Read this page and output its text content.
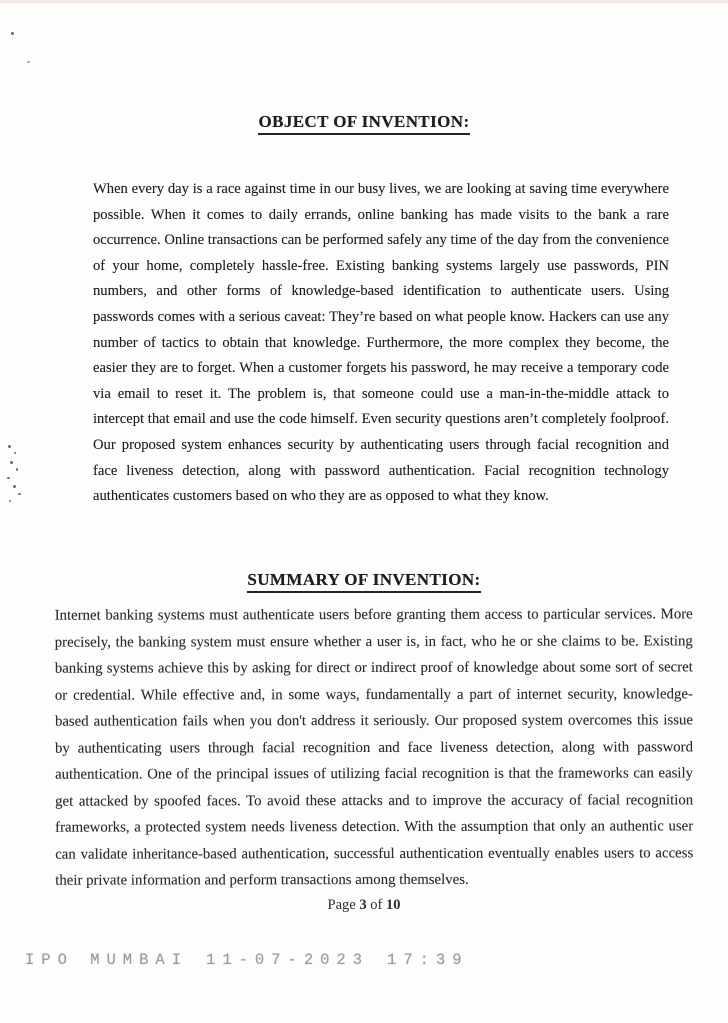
OBJECT OF INVENTION:
When every day is a race against time in our busy lives, we are looking at saving time everywhere possible. When it comes to daily errands, online banking has made visits to the bank a rare occurrence. Online transactions can be performed safely any time of the day from the convenience of your home, completely hassle-free. Existing banking systems largely use passwords, PIN numbers, and other forms of knowledge-based identification to authenticate users. Using passwords comes with a serious caveat: They’re based on what people know. Hackers can use any number of tactics to obtain that knowledge. Furthermore, the more complex they become, the easier they are to forget. When a customer forgets his password, he may receive a temporary code via email to reset it. The problem is, that someone could use a man-in-the-middle attack to intercept that email and use the code himself. Even security questions aren’t completely foolproof. Our proposed system enhances security by authenticating users through facial recognition and face liveness detection, along with password authentication. Facial recognition technology authenticates customers based on who they are as opposed to what they know.
SUMMARY OF INVENTION:
Internet banking systems must authenticate users before granting them access to particular services. More precisely, the banking system must ensure whether a user is, in fact, who he or she claims to be. Existing banking systems achieve this by asking for direct or indirect proof of knowledge about some sort of secret or credential. While effective and, in some ways, fundamentally a part of internet security, knowledge-based authentication fails when you don't address it seriously. Our proposed system overcomes this issue by authenticating users through facial recognition and face liveness detection, along with password authentication. One of the principal issues of utilizing facial recognition is that the frameworks can easily get attacked by spoofed faces. To avoid these attacks and to improve the accuracy of facial recognition frameworks, a protected system needs liveness detection. With the assumption that only an authentic user can validate inheritance-based authentication, successful authentication eventually enables users to access their private information and perform transactions among themselves.
Page 3 of 10
IPO MUMBAI 11-07-2023 17:39
